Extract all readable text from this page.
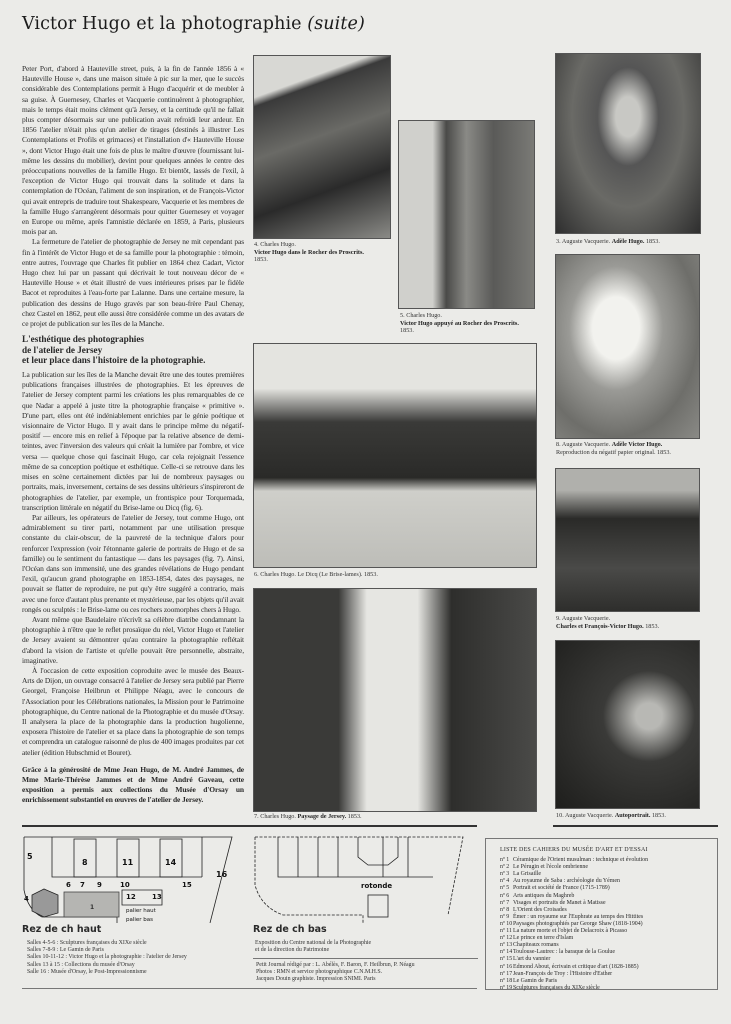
Victor Hugo et la photographie (suite)

Peter Port, d'abord à Hauteville street, puis, à la fin de l'année 1856 à « Hauteville House », dans une maison située à pic sur la mer, que le succès considérable des Contemplations permit à Hugo d'acquérir et de meubler à sa guise. À Guernesey, Charles et Vacquerie continuèrent à photographier, mais le temps était moins clément qu'à Jersey, et la certitude qu'il ne fallait plus compter désormais sur une publication avait refroidi leur ardeur. En 1856 l'atelier n'était plus qu'un atelier de tirages (destinés à illustrer Les Contemplations et Profils et grimaces) et l'installation d'« Hauteville House », dont Victor Hugo était une fois de plus le maître d'œuvre (fournissant lui-même les dessins du mobilier), devint pour quelques années le centre des préoccupations nouvelles de la famille Hugo. Et bientôt, lassés de l'exil, à l'exception de Victor Hugo qui trouvait dans la solitude et dans la contemplation de l'Océan, l'aliment de son inspiration, et de François-Victor qui avait entrepris de traduire tout Shakespeare, Vacquerie et les membres de la famille Hugo s'arrangèrent désormais pour quitter Guernesey et voyager en Europe ou même, après l'amnistie déclarée en 1859, à Paris, plusieurs mois par an.

La fermeture de l'atelier de photographie de Jersey ne mit cependant pas fin à l'intérêt de Victor Hugo et de sa famille pour la photographie : témoin, entre autres, l'ouvrage que Charles fit publier en 1864 chez Cadart, Victor Hugo chez lui par un passant qui décrivait le tout nouveau décor de « Hauteville House » et était illustré de vues intérieures prises par le fidèle Bacot et reproduites à l'eau-forte par Lalanne. Dans une certaine mesure, la publication des dessins de Hugo gravés par son beau-frère Paul Chenay, chez Castel en 1862, peut elle aussi être considérée comme un des avatars de ce projet de publication sur les îles de la Manche.

L'esthétique des photographies
de l'atelier de Jersey
et leur place dans l'histoire de la photographie.

La publication sur les îles de la Manche devait être une des toutes premières publications françaises illustrées de photographies. Et les épreuves de l'atelier de Jersey comptent parmi les créations les plus remarquables de ce que Nadar a appelé à juste titre la photographie française « primitive ». D'une part, elles ont été indéniablement enrichies par le génie poétique et visionnaire de Victor Hugo. Il y avait dans le principe même du négatif-positif — encore mis en relief à l'époque par la relative absence de demi-teintes, avec l'inversion des valeurs qui créait la lumière par l'ombre, et vice versa — quelque chose qui fascinait Hugo, car cela rejoignait l'essence même de sa conception poétique et esthétique. Celle-ci se retrouve dans les mises en scène certainement dictées par lui de nombreux paysages ou portraits, mais, inversement, certains de ses dessins ultérieurs s'inspireront de photographies de l'atelier, par exemple, un frontispice pour Torquemada, transcription littérale en négatif du Brise-lame ou Dicq (fig. 6).

Par ailleurs, les opérateurs de l'atelier de Jersey, tout comme Hugo, ont admirablement su tirer parti, notamment par une utilisation presque constante du clair-obscur, de la pauvreté de la technique d'alors pour renforcer l'expression (voir l'étonnante galerie de portraits de Hugo et de sa famille) ou le sentiment du fantastique — dans les paysages (fig. 7). Ainsi, l'Océan dans son immensité, une des grandes révélations de Hugo pendant l'exil, qu'aucun grand photographe en 1853-1854, dates des paysages, ne pouvait se flatter de reproduire, ne put qu'y être suggéré a contrario, mais avec une force d'autant plus prenante et mystérieuse, par les objets qu'il avait rongés ou sculptés : le Brise-lame ou ces rochers zoomorphes chers à Hugo.

Avant même que Baudelaire n'écrivît sa célèbre diatribe condamnant la photographie à n'être que le reflet prosaïque du réel, Victor Hugo et l'atelier de Jersey avaient su démontrer qu'au contraire la photographie reflétait d'abord la vision de l'artiste et qu'elle pouvait être personnelle, abstraite, imaginative.

À l'occasion de cette exposition coproduite avec le musée des Beaux-Arts de Dijon, un ouvrage consacré à l'atelier de Jersey sera publié par Pierre Georgel, Françoise Heilbrun et Philippe Néagu, avec le concours de l'Association pour les Célébrations nationales, la Mission pour le Patrimoine photographique, du Centre national de la Photographie et du musée d'Orsay. Il analysera la place de la photographie dans la production hugolienne, exposera l'histoire de l'atelier et sa place dans la photographie de son temps et comprendra un catalogue raisonné de plus de 400 images produites par cet atelier (édition Hubschmid et Bouret).

Grâce à la générosité de Mme Jean Hugo, de M. André Jammes, de Mme Marie-Thérèse Jammes et de Mme André Gaveau, cette exposition a permis aux collections du Musée d'Orsay un enrichissement substantiel en œuvres de l'atelier de Jersey.

4. Charles Hugo.
Victor Hugo dans le Rocher des Proscrits.
1853.
5. Charles Hugo.
Victor Hugo appuyé au Rocher des Proscrits.
1853.
3. Auguste Vacquerie. Adèle Hugo. 1853.
8. Auguste Vacquerie. Adèle Victor Hugo.
Reproduction du négatif papier original. 1853.
6. Charles Hugo. Le Dicq (Le Brise-lames). 1853.
9. Auguste Vacquerie.
Charles et François-Victor Hugo. 1853.
7. Charles Hugo. Paysage de Jersey. 1853.	10. Auguste Vacquerie. Autoportrait. 1853.
5
8	11	14
16
4
6 7 9	10
12 13
15
1	palier haut
palier bas
Rez de ch haut
Salles 4-5-6 : Sculptures françaises du XIXe siècle
Salles 7-8-9 : Le Gamin de Paris
Salles 10-11-12 : Victor Hugo et la photographie : l'atelier de Jersey
Salles 13 à 15 : Collections du musée d'Orsay
Salle 16 : Musée d'Orsay, le Post-Impressionnisme
rotonde
Rez de ch bas
Exposition du Centre national de la Photographie
et de la direction du Patrimoine
Petit Journal rédigé par : L. Abélès, F. Baron, F. Heilbrun, P. Néagu
Photos : RMN et service photographique C.N.M.H.S.
Jacques Douin graphiste. Impression SNIMI. Paris
LISTE DES CAHIERS DU MUSÉE D'ART ET D'ESSAI
nº 1 Céramique de l'Orient musulman : technique et évolution
nº 2 Le Pérugin et l'école ombrienne
nº 3 La Grisaille
nº 4 Au royaume de Saba : archéologie du Yémen
nº 5 Portrait et société de France (1715-1789)
nº 6 Arts antiques du Maghreb
nº 7 Visages et portraits de Manet à Matisse
nº 8 L'Orient des Croisades
nº 9 Émer : un royaume sur l'Euphrate au temps des Hittites
nº 10Paysages photographiés par George Shaw (1818-1904)
nº 11La nature morte et l'objet de Delacroix à Picasso
nº 12Le prince en terre d'Islam
nº 13Chapiteaux romans
nº 14Toulouse-Lautrec : la baraque de la Goulue
nº 15L'art du vannier
nº 16Edmond About, écrivain et critique d'art (1828-1885)
nº 17Jean-François de Troy : l'Histoire d'Esther
nº 18Le Gamin de Paris
nº 19Sculptures françaises du XIXe siècle
